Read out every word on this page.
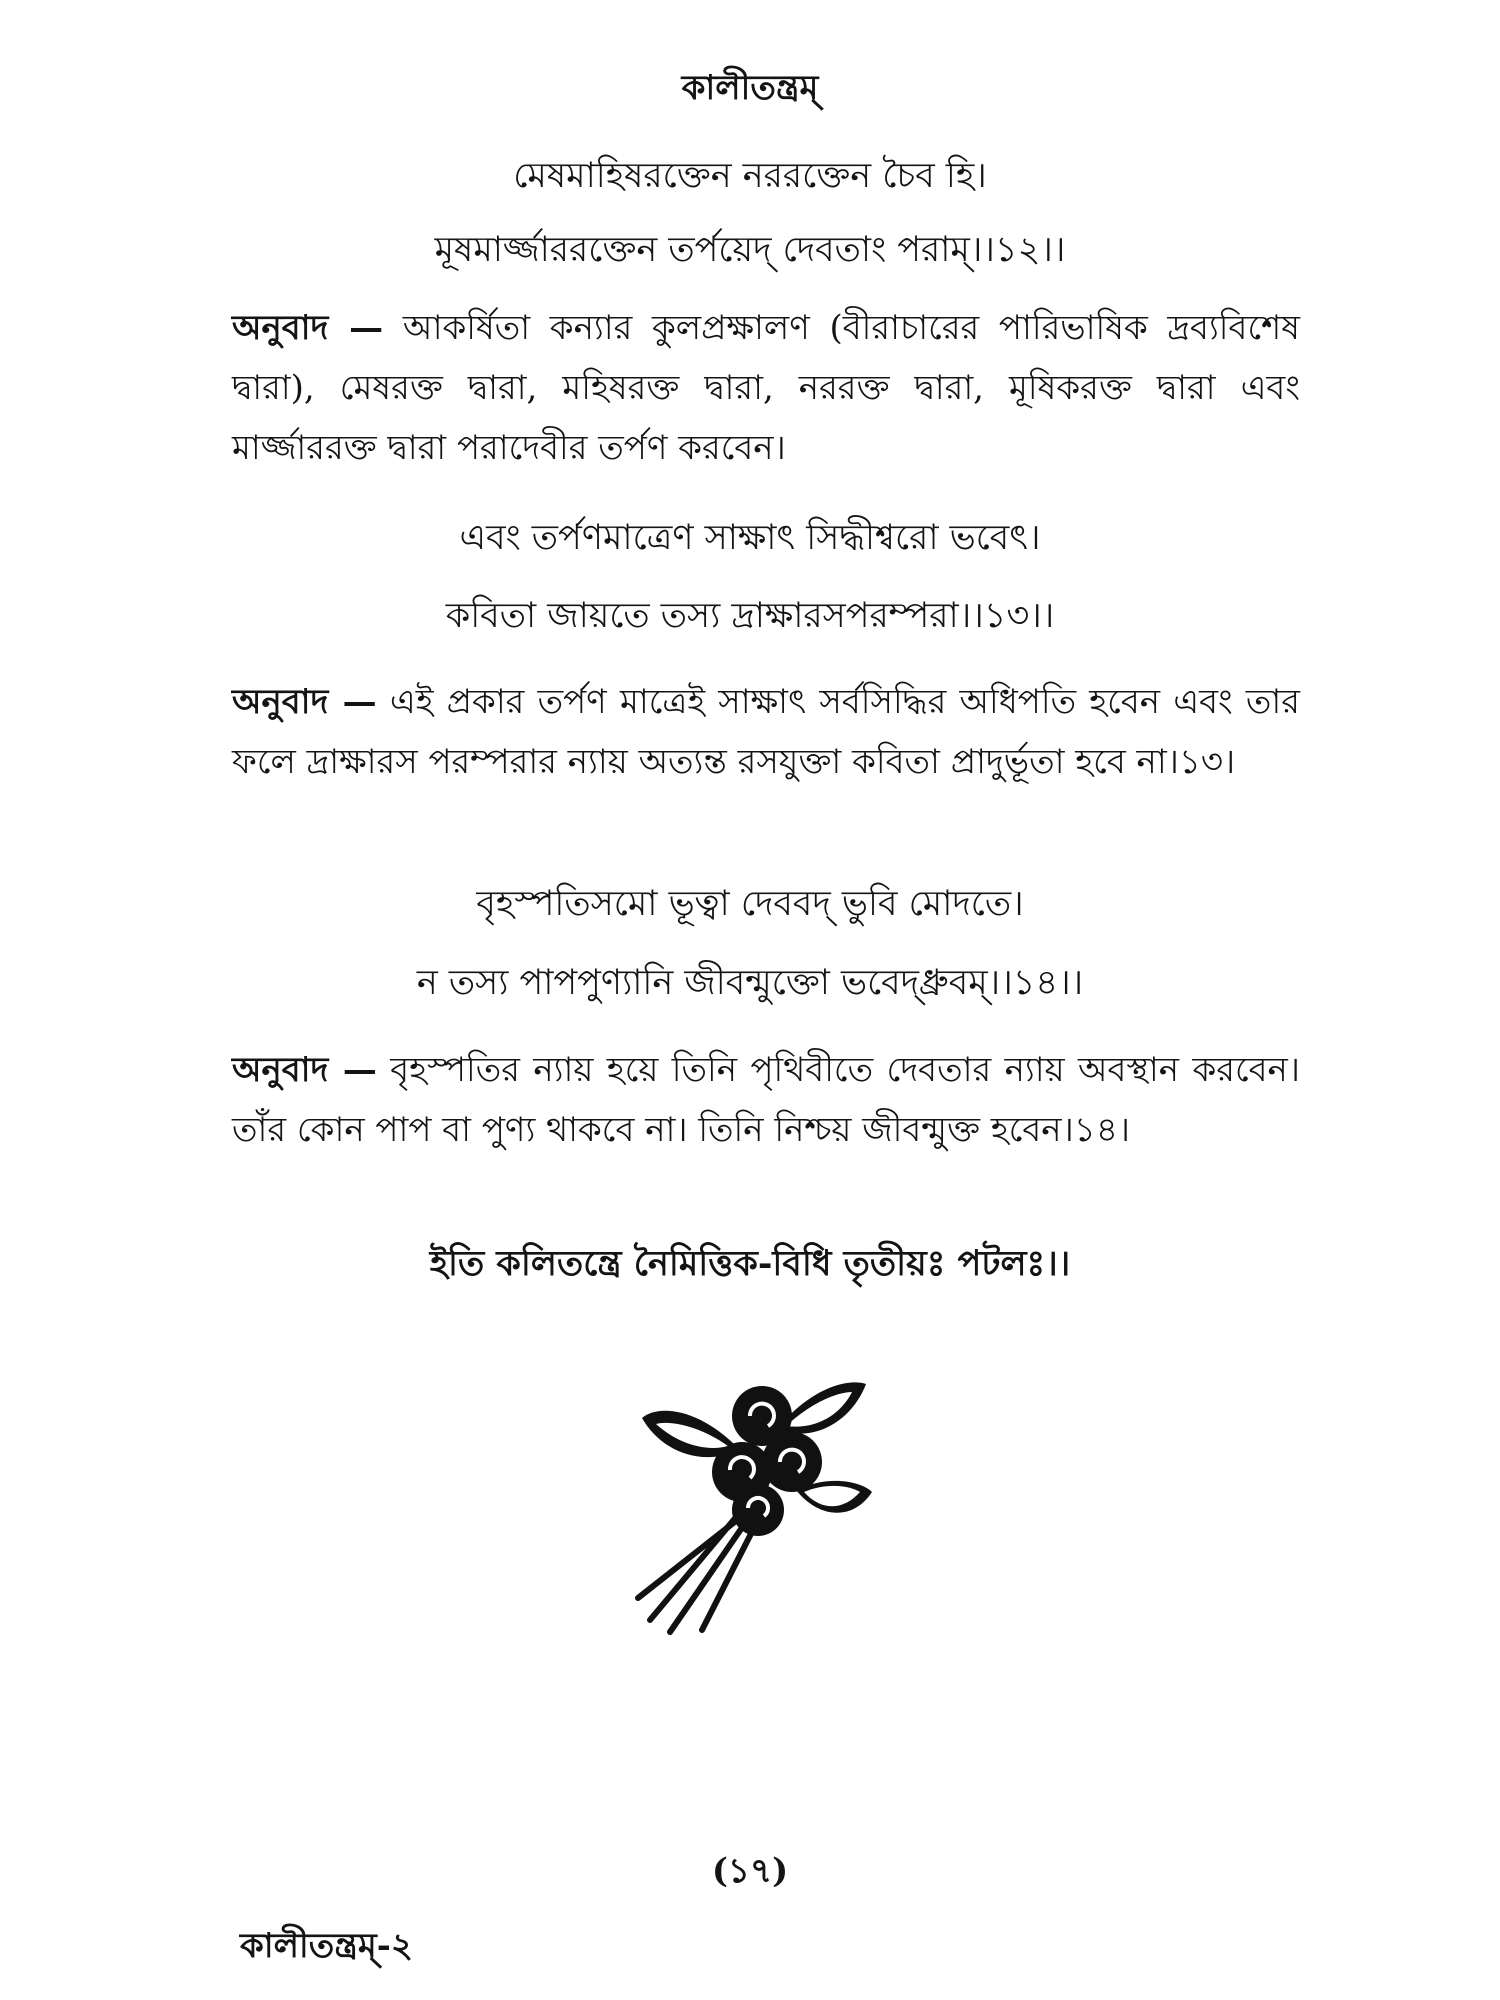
কালীতন্ত্রম্
মেষমাহিষরক্তেন নররক্তেন চৈব হি।
মূষমার্জ্জাররক্তেন তর্পয়েদ্ দেবতাং পরাম্।।১২।।
অনুবাদ — আকর্ষিতা কন্যার কুলপ্রক্ষালণ (বীরাচারের পারিভাষিক দ্রব্যবিশেষ দ্বারা), মেষরক্ত দ্বারা, মহিষরক্ত দ্বারা, নররক্ত দ্বারা, মূষিকরক্ত দ্বারা এবং মার্জ্জাররক্ত দ্বারা পরাদেবীর তর্পণ করবেন।
এবং তর্পণমাত্রেণ সাক্ষাৎ সিদ্ধীশ্বরো ভবেৎ।
কবিতা জায়তে তস্য দ্রাক্ষারসপরম্পরা।।১৩।।
অনুবাদ — এই প্রকার তর্পণ মাত্রেই সাক্ষাৎ সর্বসিদ্ধির অধিপতি হবেন এবং তার ফলে দ্রাক্ষারস পরম্পরার ন্যায় অত্যন্ত রসযুক্তা কবিতা প্রাদুর্ভূতা হবে না।১৩।
বৃহস্পতিসমো ভূত্বা দেববদ্ ভুবি মোদতে।
ন তস্য পাপপুণ্যানি জীবন্মুক্তো ভবেদ্ধ্রুবম্।।১৪।।
অনুবাদ — বৃহস্পতির ন্যায় হয়ে তিনি পৃথিবীতে দেবতার ন্যায় অবস্থান করবেন। তাঁর কোন পাপ বা পুণ্য থাকবে না। তিনি নিশ্চয় জীবন্মুক্ত হবেন।১৪।
ইতি কলিতন্ত্রে নৈমিত্তিক-বিধি তৃতীয়ঃ পটলঃ।।
(১৭)
কালীতন্ত্রম্-২
